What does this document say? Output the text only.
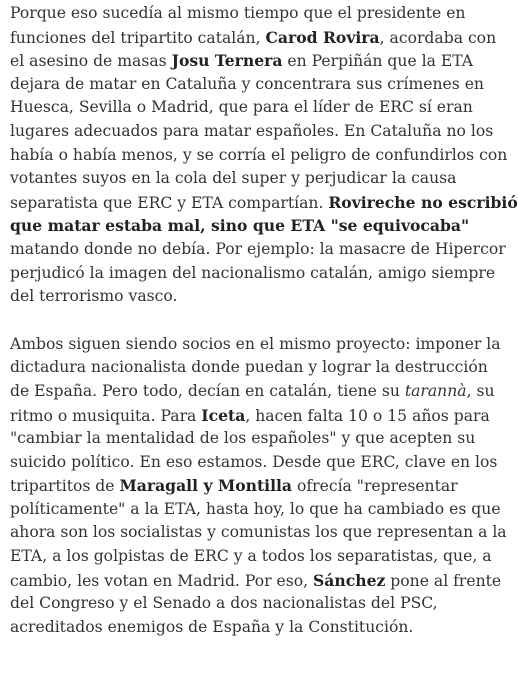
Porque eso sucedía al mismo tiempo que el presidente en
funciones del tripartito catalán, Carod Rovira, acordaba con
el asesino de masas Josu Ternera en Perpiñán que la ETA
dejara de matar en Cataluña y concentrara sus crímenes en
Huesca, Sevilla o Madrid, que para el líder de ERC sí eran
lugares adecuados para matar españoles. En Cataluña no los
había o había menos, y se corría el peligro de confundirlos con
votantes suyos en la cola del super y perjudicar la causa
separatista que ERC y ETA compartían. Rovireche no escribió
que matar estaba mal, sino que ETA "se equivocaba"
matando donde no debía. Por ejemplo: la masacre de Hipercor
perjudicó la imagen del nacionalismo catalán, amigo siempre
del terrorismo vasco.

Ambos siguen siendo socios en el mismo proyecto: imponer la
dictadura nacionalista donde puedan y lograr la destrucción
de España. Pero todo, decían en catalán, tiene su tarannà, su
ritmo o musiquita. Para Iceta, hacen falta 10 o 15 años para
"cambiar la mentalidad de los españoles" y que acepten su
suicido político. En eso estamos. Desde que ERC, clave en los
tripartitos de Maragall y Montilla ofrecía "representar
políticamente" a la ETA, hasta hoy, lo que ha cambiado es que
ahora son los socialistas y comunistas los que representan a la
ETA, a los golpistas de ERC y a todos los separatistas, que, a
cambio, les votan en Madrid. Por eso, Sánchez pone al frente
del Congreso y el Senado a dos nacionalistas del PSC,
acreditados enemigos de España y la Constitución.
